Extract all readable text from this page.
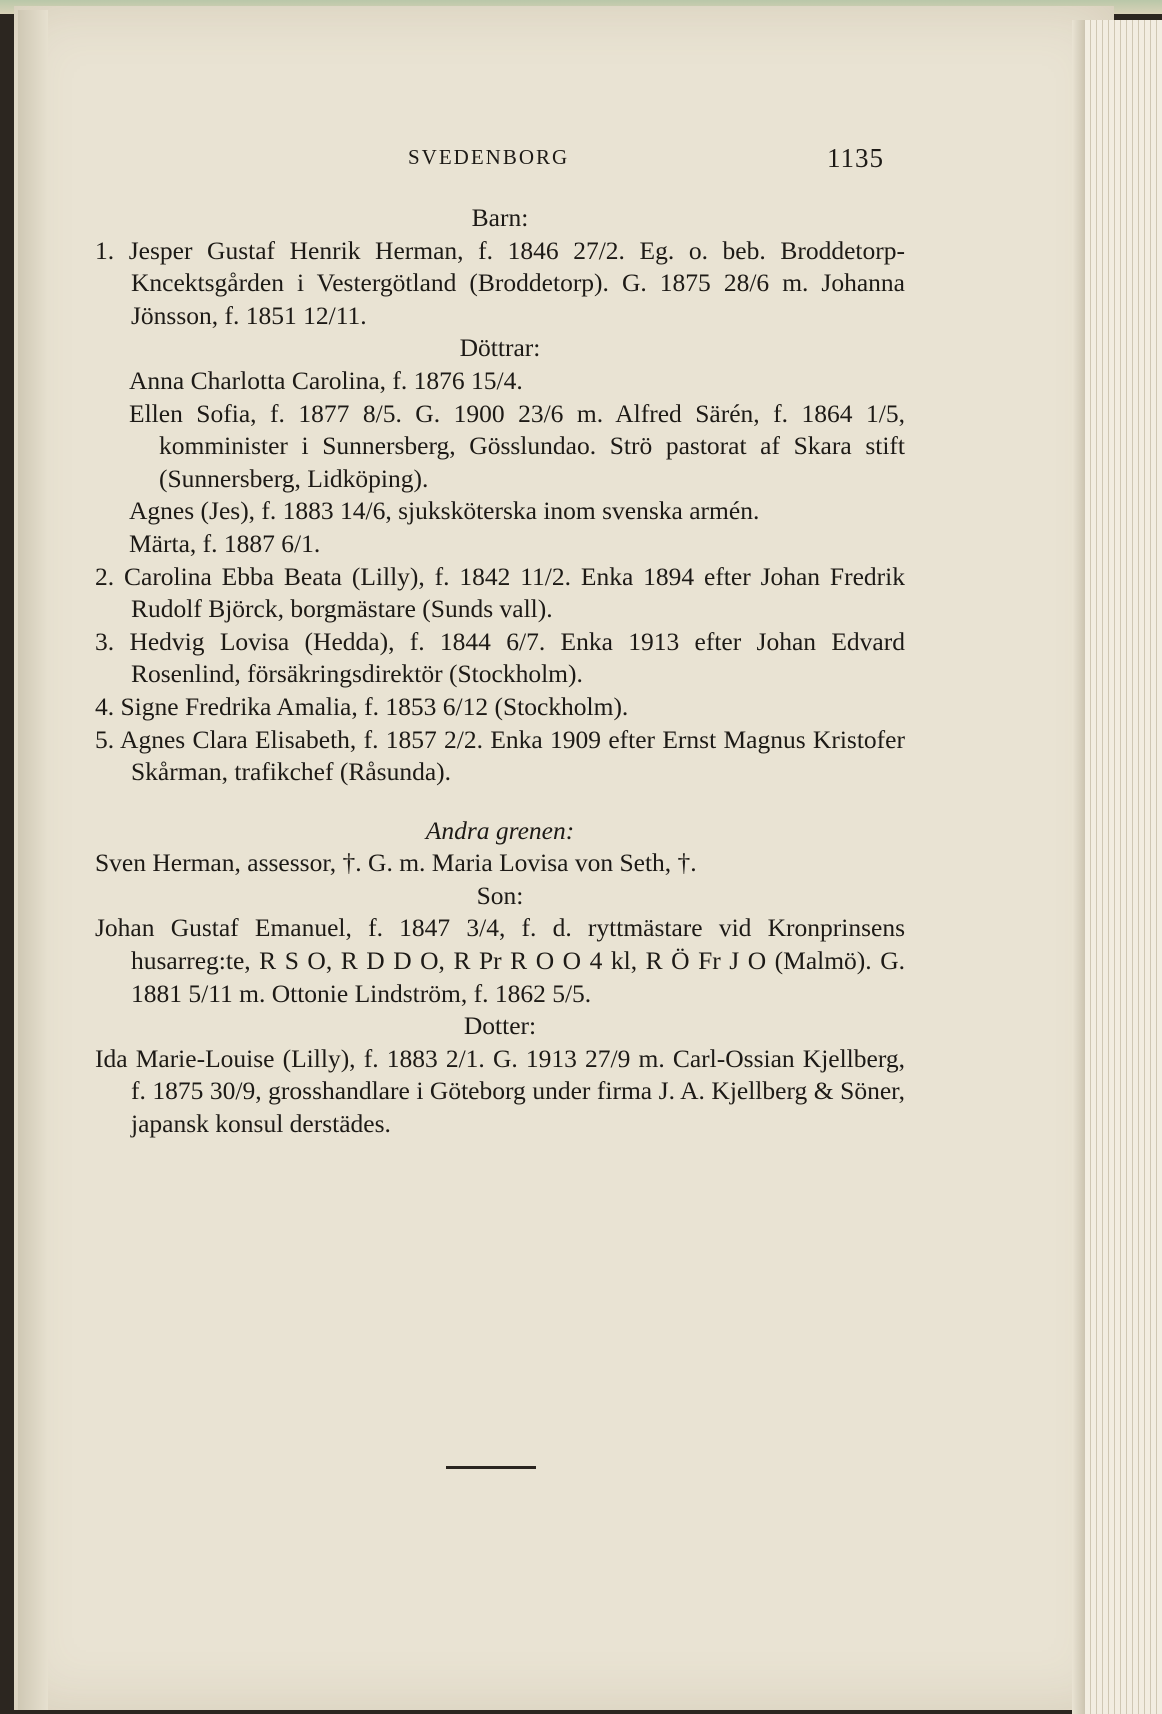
SVEDENBORG	1135

Barn:

1. Jesper Gustaf Henrik Herman, f. 1846 27/2. Eg. o. beb. Broddetorp-Kncektsgården i Vestergötland (Broddetorp). G. 1875 28/6 m. Johanna Jönsson, f. 1851 12/11.

Döttrar:

Anna Charlotta Carolina, f. 1876 15/4.

Ellen Sofia, f. 1877 8/5. G. 1900 23/6 m. Alfred Särén, f. 1864 1/5, komminister i Sunnersberg, Gösslundao. Strö pastorat af Skara stift (Sunnersberg, Lidköping).

Agnes (Jes), f. 1883 14/6, sjuksköterska inom svenska armén.

Märta, f. 1887 6/1.

2. Carolina Ebba Beata (Lilly), f. 1842 11/2. Enka 1894 efter Johan Fredrik Rudolf Björck, borgmästare (Sunds vall).

3. Hedvig Lovisa (Hedda), f. 1844 6/7. Enka 1913 efter Johan Edvard Rosenlind, försäkringsdirektör (Stockholm).

4. Signe Fredrika Amalia, f. 1853 6/12 (Stockholm).

5. Agnes Clara Elisabeth, f. 1857 2/2. Enka 1909 efter Ernst Magnus Kristofer Skårman, trafikchef (Råsunda).

Andra grenen:

Sven Herman, assessor, †. G. m. Maria Lovisa von Seth, †.

Son:

Johan Gustaf Emanuel, f. 1847 3/4, f. d. ryttmästare vid Kronprinsens husarreg:te, R S O, R D D O, R Pr R O O 4 kl, R Ö Fr J O (Malmö). G. 1881 5/11 m. Ottonie Lindström, f. 1862 5/5.

Dotter:

Ida Marie-Louise (Lilly), f. 1883 2/1. G. 1913 27/9 m. Carl-Ossian Kjellberg, f. 1875 30/9, grosshandlare i Göteborg under firma J. A. Kjellberg & Söner, japansk konsul derstädes.
